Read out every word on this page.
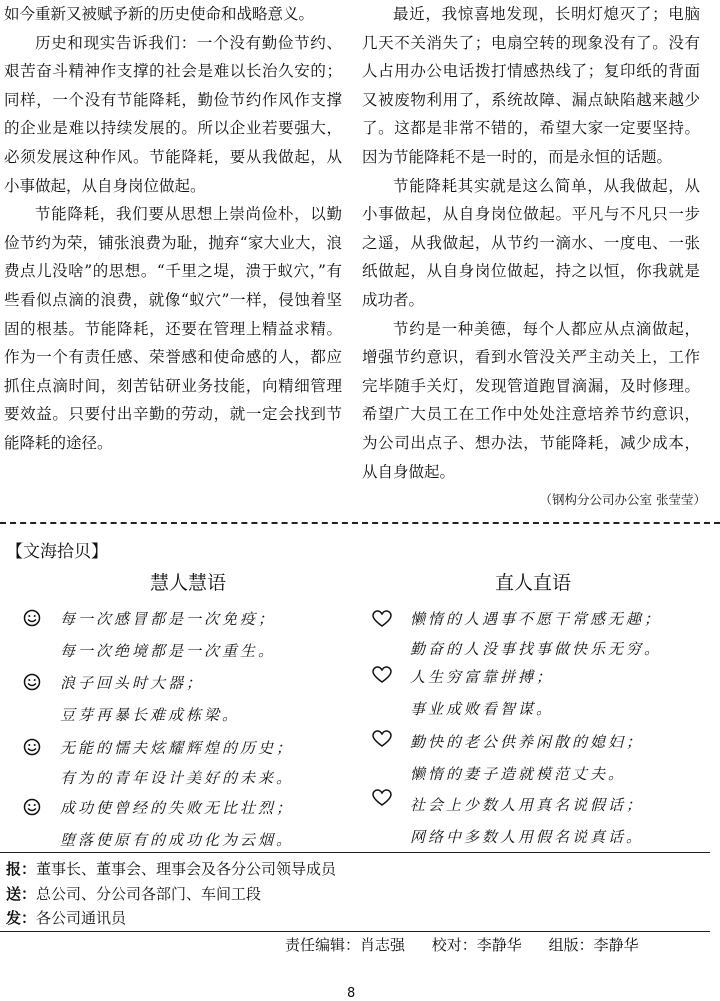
如今重新又被赋予新的历史使命和战略意义。

历史和现实告诉我们：一个没有勤俭节约、艰苦奋斗精神作支撑的社会是难以长治久安的；同样，一个没有节能降耗，勤俭节约作风作支撑的企业是难以持续发展的。所以企业若要强大，必须发展这种作风。节能降耗，要从我做起，从小事做起，从自身岗位做起。

节能降耗，我们要从思想上崇尚俭朴，以勤俭节约为荣，铺张浪费为耻，抛弃“家大业大，浪费点儿没啥”的思想。“千里之堤，溃于蚁穴，”有些看似点滴的浪费，就像“蚁穴”一样，侵蚀着坚固的根基。节能降耗，还要在管理上精益求精。作为一个有责任感、荣誉感和使命感的人，都应抓住点滴时间，刻苦钻研业务技能，向精细管理要效益。只要付出辛勤的劳动，就一定会找到节能降耗的途径。

最近，我惊喜地发现，长明灯熄灭了；电脑几天不关消失了；电扇空转的现象没有了。没有人占用办公电话拨打情感热线了；复印纸的背面又被废物利用了，系统故障、漏点缺陷越来越少了。这都是非常不错的，希望大家一定要坚持。因为节能降耗不是一时的，而是永恒的话题。

节能降耗其实就是这么简单，从我做起，从小事做起，从自身岗位做起。平凡与不凡只一步之遥，从我做起，从节约一滴水、一度电、一张纸做起，从自身岗位做起，持之以恒，你我就是成功者。

节约是一种美德，每个人都应从点滴做起，增强节约意识，看到水管没关严主动关上，工作完毕随手关灯，发现管道跑冒滴漏，及时修理。希望广大员工在工作中处处注意培养节约意识，为公司出点子、想办法，节能降耗，减少成本，从自身做起。

（钢构分公司办公室 张莹莹）
【文海拾贝】
慧人慧语	直人直语
每一次感冒都是一次免疫；
每一次绝境都是一次重生。
浪子回头时大器；
豆芽再暴长难成栋梁。
无能的懦夫炫耀辉煌的历史；
有为的青年设计美好的未来。
成功使曾经的失败无比壮烈；
堕落使原有的成功化为云烟。
懒惰的人遇事不愿干常感无趣；
勤奋的人没事找事做快乐无穷。
人生穷富靠拼搏；
事业成败看智谋。
勤快的老公供养闲散的媳妇；
懒惰的妻子造就模范丈夫。
社会上少数人用真名说假话；
网络中多数人用假名说真话。
报：董事长、董事会、理事会及各分公司领导成员
送：总公司、分公司各部门、车间工段
发：各公司通讯员
责任编辑：肖志强 校对：李静华 组版：李静华
8
